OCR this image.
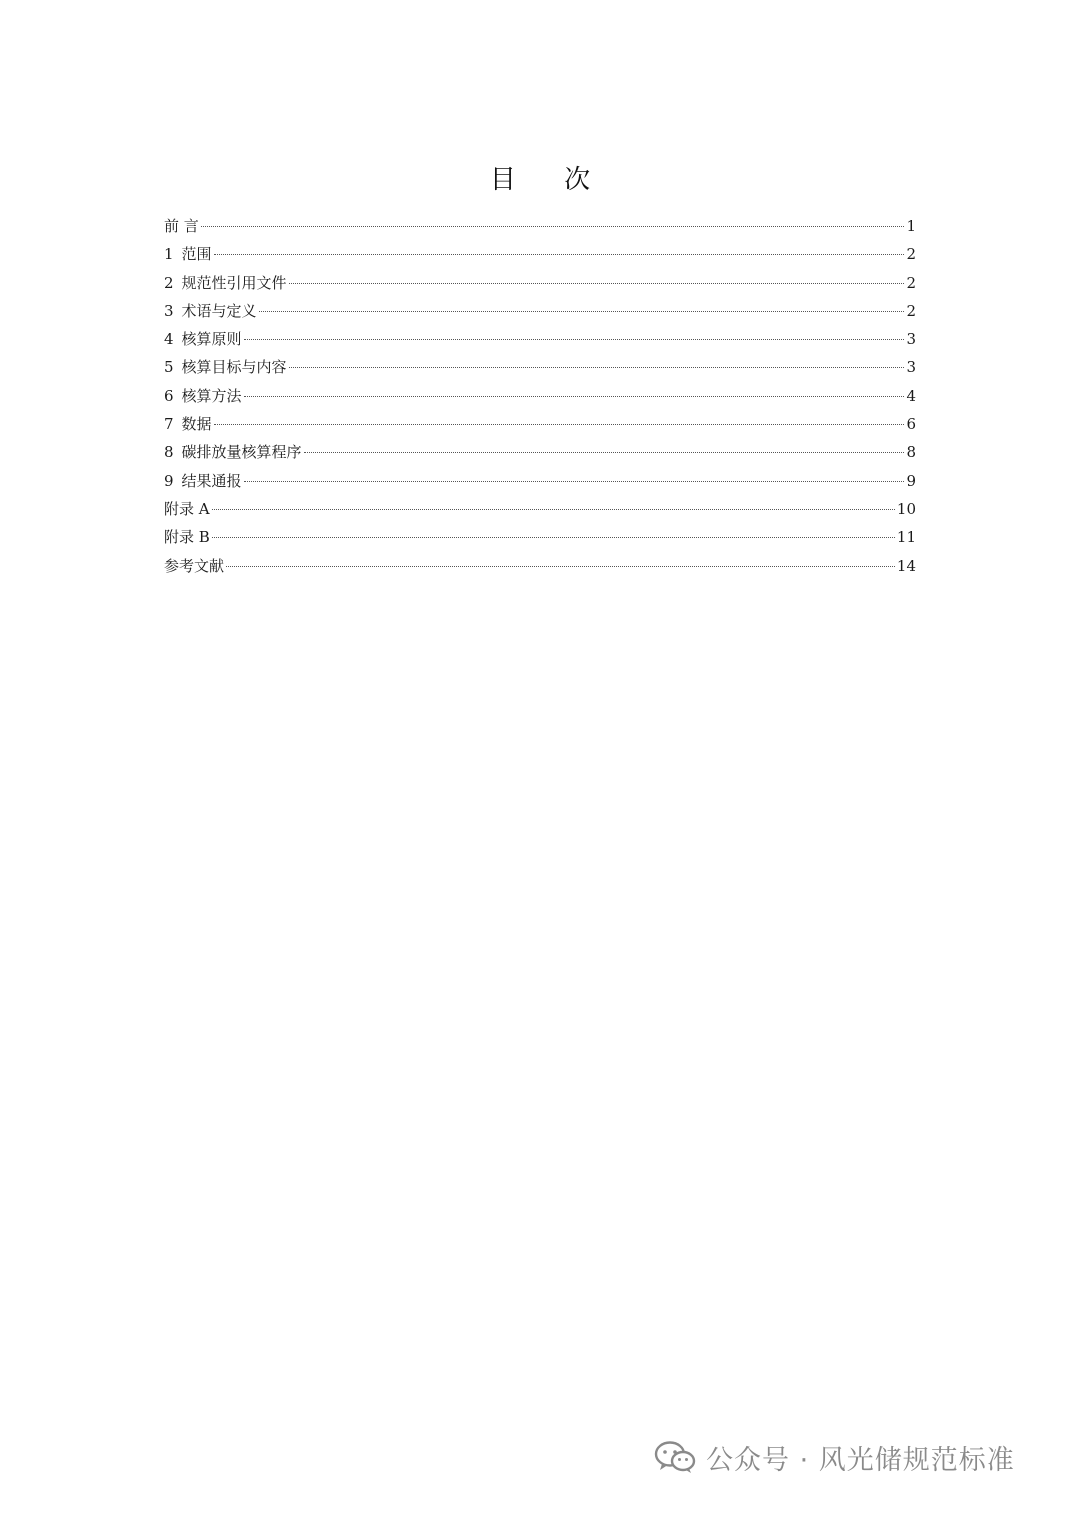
目 次
前 言	1
1 范围	2
2 规范性引用文件	2
3 术语与定义	2
4 核算原则	3
5 核算目标与内容	3
6 核算方法	4
7 数据	6
8 碳排放量核算程序	8
9 结果通报	9
附录 A	10
附录 B	11
参考文献	14
公众号 · 风光储规范标准
